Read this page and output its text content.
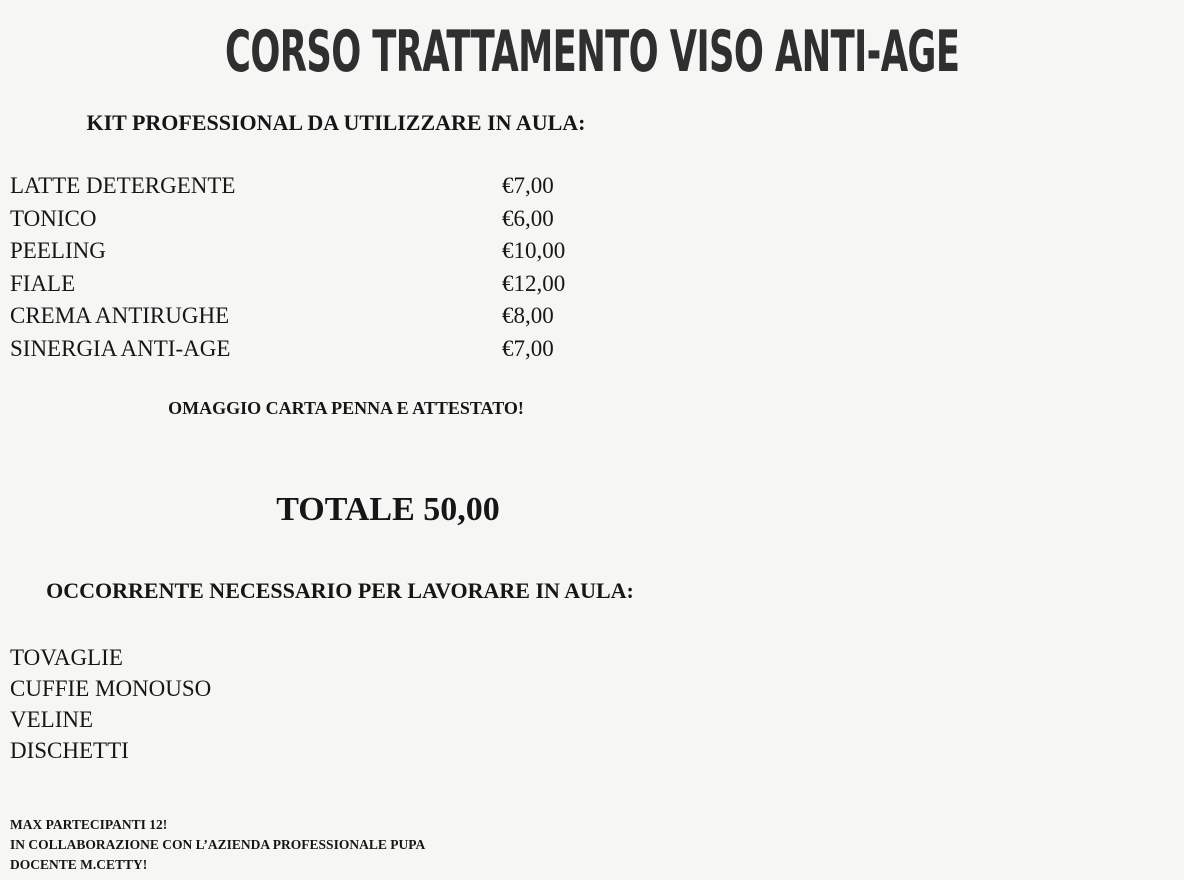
CORSO TRATTAMENTO VISO ANTI-AGE
KIT PROFESSIONAL DA UTILIZZARE IN AULA:
LATTE DETERGENTE	€7,00
TONICO	€6,00
PEELING	€10,00
FIALE	€12,00
CREMA ANTIRUGHE	€8,00
SINERGIA ANTI-AGE	€7,00
OMAGGIO CARTA PENNA E ATTESTATO!
TOTALE 50,00
OCCORRENTE NECESSARIO PER LAVORARE IN AULA:
TOVAGLIE
CUFFIE MONOUSO
VELINE
DISCHETTI
MAX PARTECIPANTI 12!
IN COLLABORAZIONE CON L’AZIENDA PROFESSIONALE PUPA
DOCENTE M.CETTY!
